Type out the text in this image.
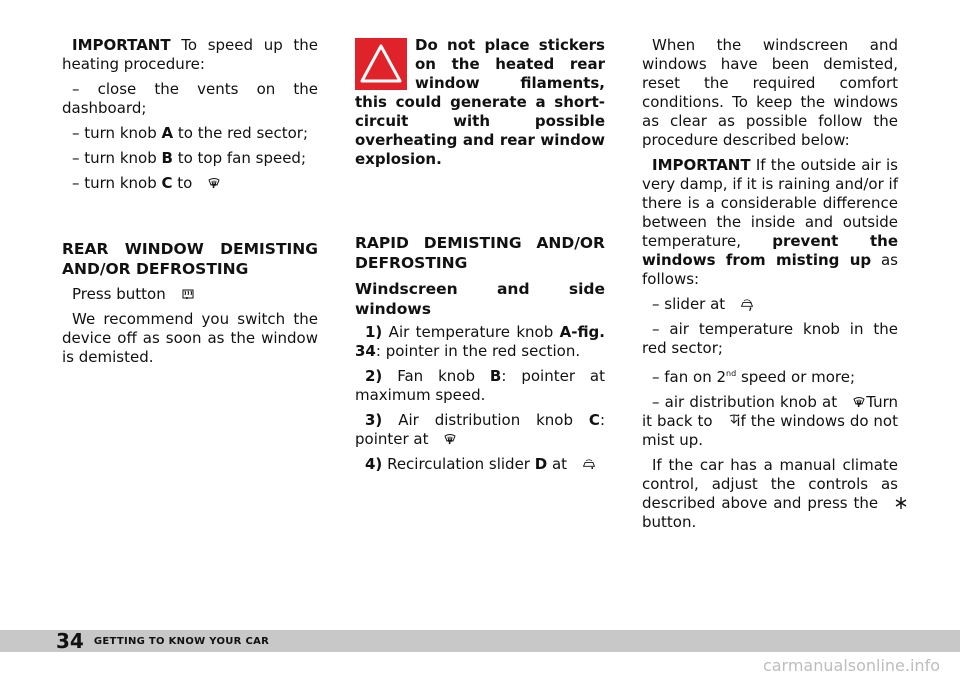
IMPORTANT To speed up the heating procedure:

– close the vents on the dashboard;

– turn knob A to the red sector;

– turn knob B to top fan speed;

– turn knob C to .

REAR WINDOW DEMISTING AND/OR DEFROSTING

Press button .

We recommend you switch the device off as soon as the window is demisted.

Do not place stickers on the heated rear window filaments, this could generate a short-circuit with possible overheating and rear window explosion.

RAPID DEMISTING AND/OR DEFROSTING

Windscreen and side windows

1) Air temperature knob A-fig. 34: pointer in the red section.

2) Fan knob B: pointer at maximum speed.

3) Air distribution knob C: pointer at .

4) Recirculation slider D at .

When the windscreen and windows have been demisted, reset the required comfort conditions. To keep the windows as clear as possible follow the procedure described below:

IMPORTANT If the outside air is very damp, if it is raining and/or if there is a considerable difference between the inside and outside temperature, prevent the windows from misting up as follows:

– slider at ;

– air temperature knob in the red sector;

– fan on 2nd speed or more;

– air distribution knob at . Turn it back to  if the windows do not mist up.

If the car has a manual climate control, adjust the controls as described above and press the  button.

34 GETTING TO KNOW YOUR CAR
carmanualsonline.info
